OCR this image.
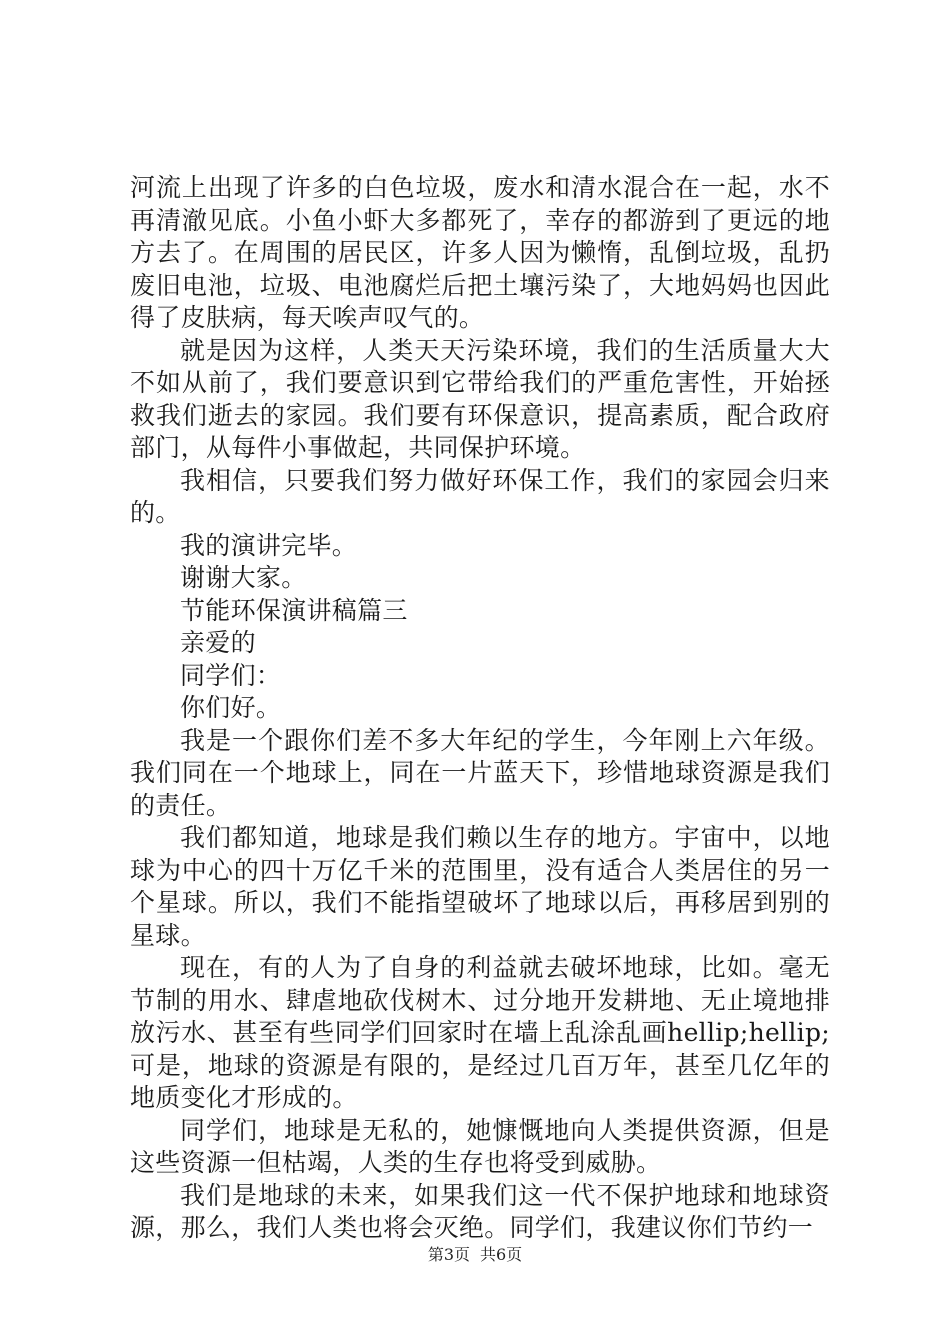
河流上出现了许多的白色垃圾，废水和清水混合在一起，水不再清澈见底。小鱼小虾大多都死了，幸存的都游到了更远的地方去了。在周围的居民区，许多人因为懒惰，乱倒垃圾，乱扔废旧电池，垃圾、电池腐烂后把土壤污染了，大地妈妈也因此得了皮肤病，每天唉声叹气的。

就是因为这样，人类天天污染环境，我们的生活质量大大不如从前了，我们要意识到它带给我们的严重危害性，开始拯救我们逝去的家园。我们要有环保意识，提高素质，配合政府部门，从每件小事做起，共同保护环境。

我相信，只要我们努力做好环保工作，我们的家园会归来的。

我的演讲完毕。

谢谢大家。

节能环保演讲稿篇三

亲爱的

同学们：

你们好。

我是一个跟你们差不多大年纪的学生，今年刚上六年级。我们同在一个地球上，同在一片蓝天下，珍惜地球资源是我们的责任。

我们都知道，地球是我们赖以生存的地方。宇宙中，以地球为中心的四十万亿千米的范围里，没有适合人类居住的另一个星球。所以，我们不能指望破坏了地球以后，再移居到别的星球。

现在，有的人为了自身的利益就去破坏地球，比如。毫无节制的用水、肆虐地砍伐树木、过分地开发耕地、无止境地排放污水、甚至有些同学们回家时在墙上乱涂乱画hellip;hellip;可是，地球的资源是有限的，是经过几百万年，甚至几亿年的地质变化才形成的。

同学们，地球是无私的，她慷慨地向人类提供资源，但是这些资源一但枯竭，人类的生存也将受到威胁。

我们是地球的未来，如果我们这一代不保护地球和地球资源，那么，我们人类也将会灭绝。同学们，我建议你们节约一

第3页 共6页
